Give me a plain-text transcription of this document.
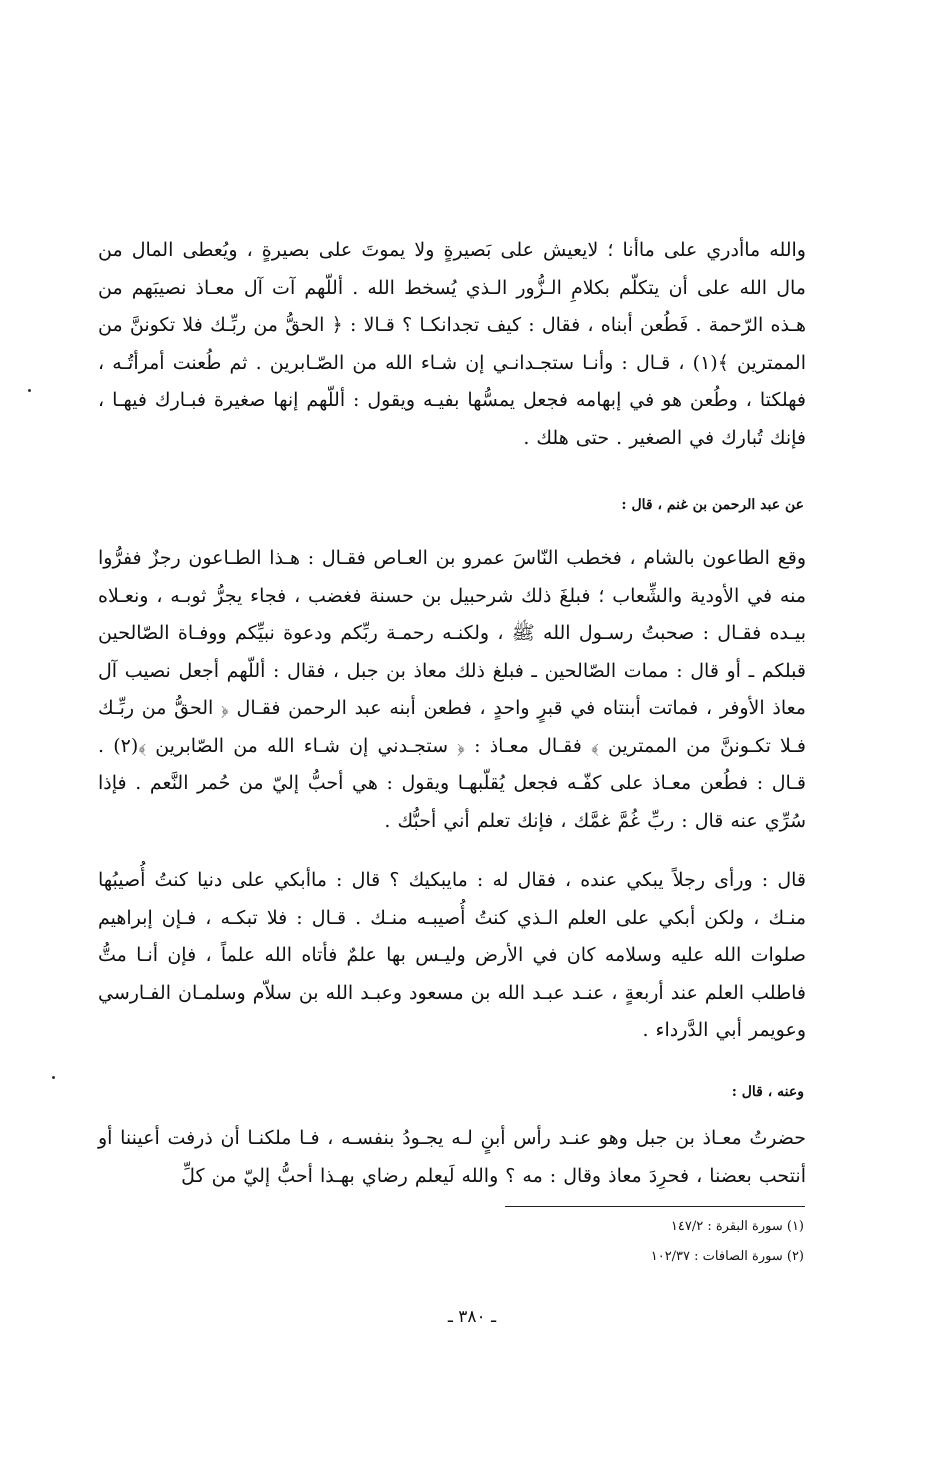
والله ماأدري على ماأنا ؛ لايعيش على بَصيرةٍ ولا يموتَ على بصيرةٍ ، ويُعطى المال من مال الله على أن يتكلّم بكلامِ الـزُّور الـذي يُسخط الله . أللّهم آت آل معـاذ نصيبَهم من هـذه الرّحمة . فَطُعن أبناه ، فقال : كيف تجدانكـا ؟ قـالا : ﴿ الحقُّ من ربِّـك فلا تكوننَّ من الممترين ﴾(١) ، قـال : وأنـا ستجـدانـي إن شـاء الله من الصّـابرين . ثم طُعنت أمرأتُـه ، فهلكتا ، وطُعن هو في إبهامه فجعل يمسُّها بفيـه ويقول : أللّهم إنها صغيرة فبـارك فيهـا ، فإنك تُبارك في الصغير . حتى هلك .

عن عبد الرحمن بن غنم ، قال :

وقع الطاعون بالشام ، فخطب النّاسَ عمرو بن العـاص فقـال : هـذا الطـاعون رجزٌ ففرُّوا منه في الأودية والشِّعاب ؛ فبلغَ ذلك شرحبيل بن حسنة فغضب ، فجاء يجرُّ ثوبـه ، ونعـلاه بيـده فقـال : صحبتُ رسـول الله ﷺ ، ولكنـه رحمـة ربِّكم ودعوة نبيِّكم ووفـاة الصّالحين قبلكم ـ أو قال : ممات الصّالحين ـ فبلغ ذلك معاذ بن جبل ، فقال : أللّهم أجعل نصيب آل معاذ الأوفر ، فماتت أبنتاه في قبرٍ واحدٍ ، فطعن أبنه عبد الرحمن فقـال ﴿ الحقُّ من ربِّـك فـلا تكـوننَّ من الممترين ﴾ فقـال معـاذ : ﴿ ستجـدني إن شـاء الله من الصّابرين ﴾(٢) . قـال : فطُعن معـاذ على كفّـه فجعل يُقلّبهـا ويقول : هي أحبُّ إليّ من حُمر النَّعم . فإذا سُرِّي عنه قال : ربِّ غُمَّ غمَّك ، فإنك تعلم أني أحبُّك .

قال : ورأى رجلاً يبكي عنده ، فقال له : مايبكيك ؟ قال : ماأبكي على دنيا كنتُ أُصيبُها منـك ، ولكن أبكي على العلم الـذي كنتُ أُصيبـه منـك . قـال : فلا تبكـه ، فـإن إبراهيم صلوات الله عليه وسلامه كان في الأرض وليـس بها علمٌ فأتاه الله علماً ، فإن أنـا متُّ فاطلب العلم عند أربعةٍ ، عنـد عبـد الله بن مسعود وعبـد الله بن سلاّم وسلمـان الفـارسي وعويمر أبي الدَّرداء .

وعنه ، قال :

حضرتُ معـاذ بن جبل وهو عنـد رأس أبنٍ لـه يجـودُ بنفسـه ، فـا ملكنـا أن ذرفت أعيننا أو أنتحب بعضنا ، فحرِدَ معاذ وقال : مه ؟ والله لَيعلم رضاي بهـذا أحبُّ إليّ من كلِّ

(١) سورة البقرة : ١٤٧/٢

(٢) سورة الصافات : ١٠٢/٣٧

ـ ٣٨٠ ـ
